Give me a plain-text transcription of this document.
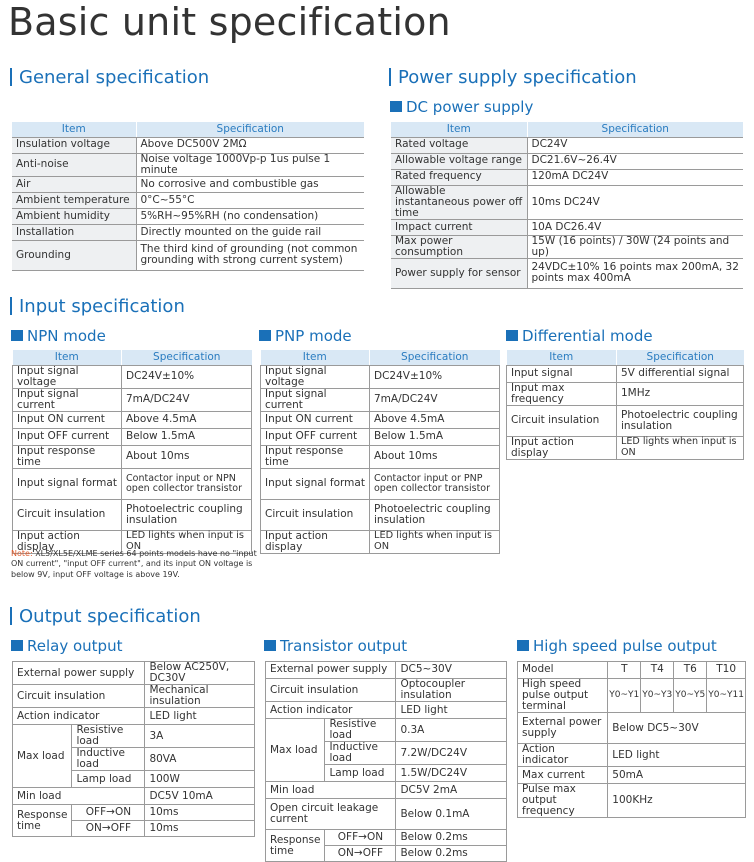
Basic unit specification
General specification
Item	Specification
Insulation voltage	Above DC500V 2MΩ
Anti-noise	Noise voltage 1000Vp-p 1us pulse 1 minute
Air	No corrosive and combustible gas
Ambient temperature	0°C~55°C
Ambient humidity	5%RH~95%RH (no condensation)
Installation	Directly mounted on the guide rail
Grounding	The third kind of grounding (not common grounding with strong current system)
Power supply specification
DC power supply
Item	Specification
Rated voltage	DC24V
Allowable voltage range	DC21.6V~26.4V
Rated frequency	120mA DC24V
Allowable instantaneous power off time	10ms DC24V
Impact current	10A DC26.4V
Max power consumption	15W (16 points) / 30W (24 points and up)
Power supply for sensor	24VDC±10% 16 points max 200mA, 32 points max 400mA
Input specification
NPN mode
Item	Specification
Input signal voltage	DC24V±10%
Input signal current	7mA/DC24V
Input ON current	Above 4.5mA
Input OFF current	Below 1.5mA
Input response time	About 10ms
Input signal format	Contactor input or NPN open collector transistor
Circuit insulation	Photoelectric coupling insulation
Input action display	LED lights when input is ON
PNP mode
Item	Specification
Input signal voltage	DC24V±10%
Input signal current	7mA/DC24V
Input ON current	Above 4.5mA
Input OFF current	Below 1.5mA
Input response time	About 10ms
Input signal format	Contactor input or PNP open collector transistor
Circuit insulation	Photoelectric coupling insulation
Input action display	LED lights when input is ON
Differential mode
Item	Specification
Input signal	5V differential signal
Input max frequency	1MHz
Circuit insulation	Photoelectric coupling insulation
Input action display	LED lights when input is ON
Note: XL5/XL5E/XLME series 64 points models have no "input ON current", "input OFF current", and its input ON voltage is below 9V, input OFF voltage is above 19V.
Output specification
Relay output
External power supply		Below AC250V, DC30V
Circuit insulation		Mechanical insulation
Action indicator		LED light
Max load	Resistive load	3A
	Inductive load	80VA
	Lamp load	100W
Min load		DC5V 10mA
Response time	OFF→ON	10ms
	ON→OFF	10ms
Transistor output
External power supply		DC5~30V
Circuit insulation		Optocoupler insulation
Action indicator		LED light
Max load	Resistive load	0.3A
	Inductive load	7.2W/DC24V
	Lamp load	1.5W/DC24V
Min load		DC5V 2mA
Open circuit leakage current		Below 0.1mA
Response time	OFF→ON	Below 0.2ms
	ON→OFF	Below 0.2ms
High speed pulse output
Model	T	T4	T6	T10
High speed pulse output terminal	Y0~Y1	Y0~Y3	Y0~Y5	Y0~Y11
External power supply	Below DC5~30V			
Action indicator	LED light			
Max current	50mA			
Pulse max output frequency	100KHz			
